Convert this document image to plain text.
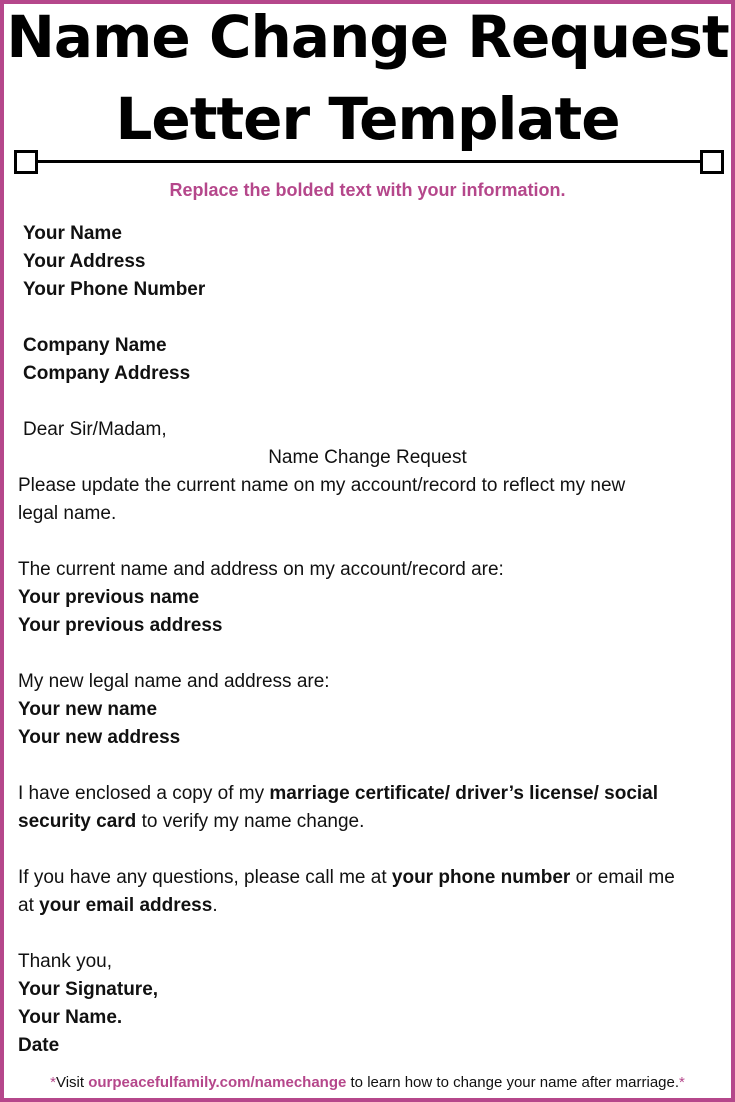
Name Change Request
Letter Template
Replace the bolded text with your information.
Your Name
Your Address
Your Phone Number
Company Name
Company Address
Dear Sir/Madam,
Name Change Request
Please update the current name on my account/record to reflect my new
legal name.
The current name and address on my account/record are:
Your previous name
Your previous address
My new legal name and address are:
Your new name
Your new address
I have enclosed a copy of my marriage certificate/ driver’s license/ social
security card to verify my name change.
If you have any questions, please call me at your phone number or email me
at your email address.
Thank you,
Your Signature,
Your Name.
Date
*Visit ourpeacefulfamily.com/namechange to learn how to change your name after marriage.*
